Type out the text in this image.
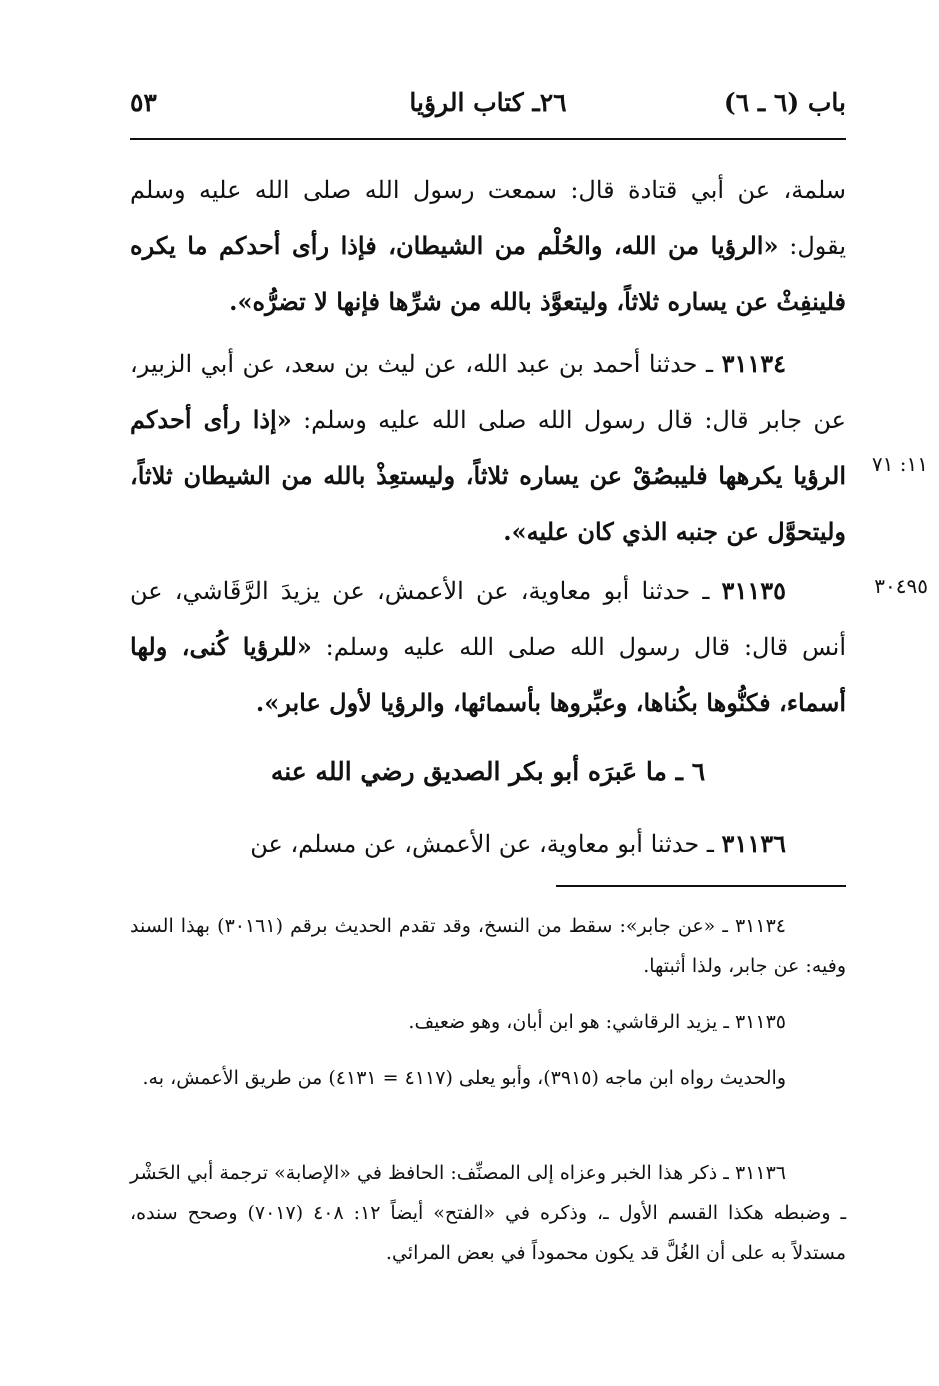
باب (٦ ـ ٦)
٢٦ـ كتاب الرؤيا
٥٣

سلمة، عن أبي قتادة قال: سمعت رسول الله صلى الله عليه وسلم يقول: «الرؤيا من الله، والحُلْم من الشيطان، فإذا رأى أحدكم ما يكره فلينفِثْ عن يساره ثلاثاً، وليتعوَّذ بالله من شرِّها فإنها لا تضرُّه».

٣١١٣٤ ـ حدثنا أحمد بن عبد الله، عن ليث بن سعد، عن أبي الزبير، عن جابر قال: قال رسول الله صلى الله عليه وسلم: «إذا رأى أحدكم الرؤيا يكرهها فليبصُقْ عن يساره ثلاثاً، وليستعِذْ بالله من الشيطان ثلاثاً، وليتحوَّل عن جنبه الذي كان عليه».

٣١١٣٥ ـ حدثنا أبو معاوية، عن الأعمش، عن يزيدَ الرَّقَاشي، عن أنس قال: قال رسول الله صلى الله عليه وسلم: «للرؤيا كُنى، ولها أسماء، فكنُّوها بكُناها، وعبِّروها بأسمائها، والرؤيا لأول عابر».

١١: ٧١
٣٠٤٩٥
٦ ـ ما عَبرَه أبو بكر الصديق رضي الله عنه

٣١١٣٦ ـ حدثنا أبو معاوية، عن الأعمش، عن مسلم، عن

٣١١٣٤ ـ «عن جابر»: سقط من النسخ، وقد تقدم الحديث برقم (٣٠١٦١) بهذا السند وفيه: عن جابر، ولذا أثبتها.

٣١١٣٥ ـ يزيد الرقاشي: هو ابن أبان، وهو ضعيف.

والحديث رواه ابن ماجه (٣٩١٥)، وأبو يعلى (٤١١٧ = ٤١٣١) من طريق الأعمش، به.

٣١١٣٦ ـ ذكر هذا الخبر وعزاه إلى المصنِّف: الحافظ في «الإصابة» ترجمة أبي الحَشْر ـ وضبطه هكذا القسم الأول ـ، وذكره في «الفتح» أيضاً ١٢: ٤٠٨ (٧٠١٧) وصحح سنده، مستدلاً به على أن الغُلَّ قد يكون محموداً في بعض المرائي.
